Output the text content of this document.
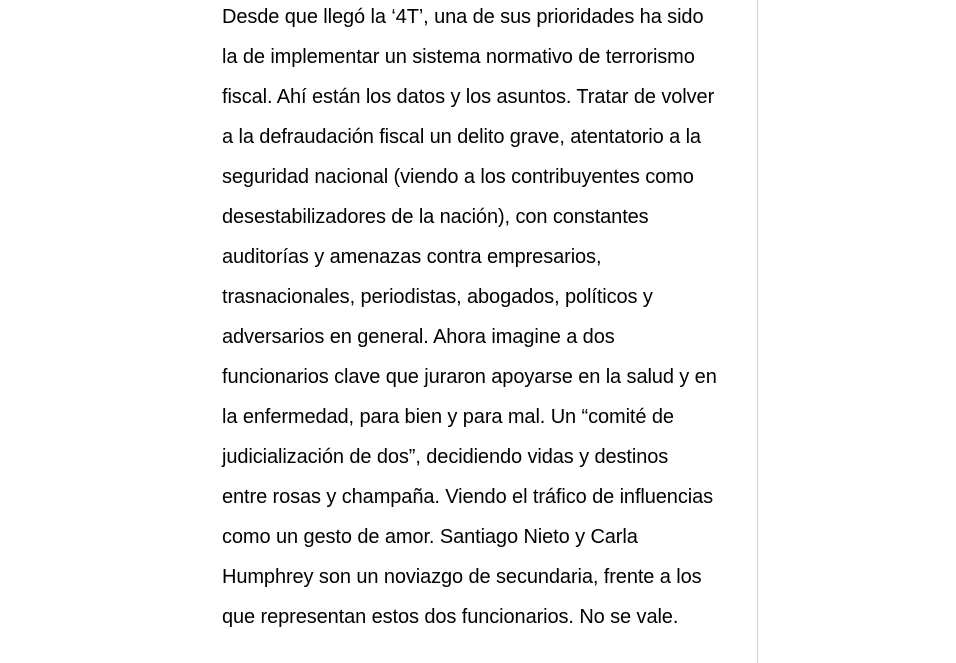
Desde que llegó la ‘4T’, una de sus prioridades ha sido
la de implementar un sistema normativo de terrorismo
fiscal. Ahí están los datos y los asuntos. Tratar de volver
a la defraudación fiscal un delito grave, atentatorio a la
seguridad nacional (viendo a los contribuyentes como
desestabilizadores de la nación), con constantes
auditorías y amenazas contra empresarios,
trasnacionales, periodistas, abogados, políticos y
adversarios en general. Ahora imagine a dos
funcionarios clave que juraron apoyarse en la salud y en
la enfermedad, para bien y para mal. Un “comité de
judicialización de dos”, decidiendo vidas y destinos
entre rosas y champaña. Viendo el tráfico de influencias
como un gesto de amor. Santiago Nieto y Carla
Humphrey son un noviazgo de secundaria, frente a los
que representan estos dos funcionarios. No se vale.
